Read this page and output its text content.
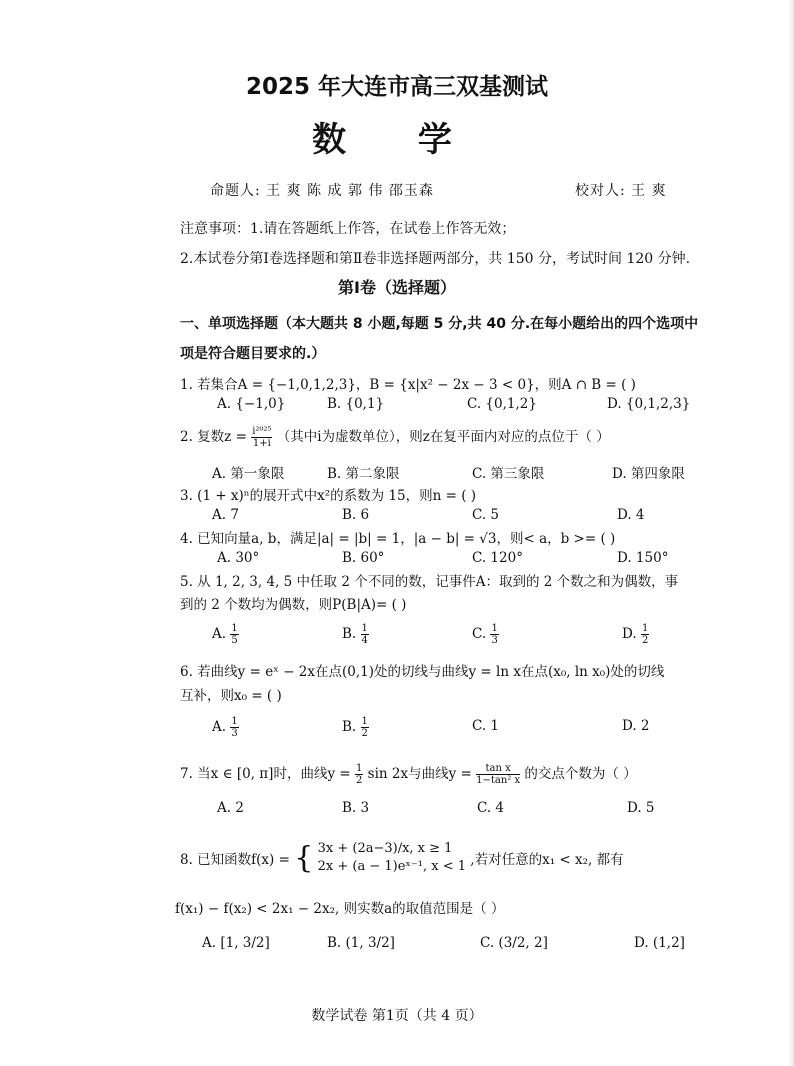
2025 年大连市高三双基测试
数 学
命题人: 王 爽 陈 成 郭 伟 邵玉森	校对人: 王 爽
注意事项：1.请在答题纸上作答，在试卷上作答无效；
2.本试卷分第Ⅰ卷选择题和第Ⅱ卷非选择题两部分，共 150 分，考试时间 120 分钟.
第Ⅰ卷（选择题）
一、单项选择题（本大题共 8 小题,每题 5 分,共 40 分.在每小题给出的四个选项中
项是符合题目要求的.）
1. 若集合A = {−1,0,1,2,3}，B = {x|x² − 2x − 3 < 0}，则A ∩ B = ( )
A. {−1,0}	B. {0,1}	C. {0,1,2}	D. {0,1,2,3}
2. 复数$z = \frac{\text{i²⁰²⁵}}{1+i}$ （其中i为虚数单位），则z在复平面内对应的点位于（ ）
A. 第一象限	B. 第二象限	C. 第三象限	D. 第四象限
3. (1 + x)ⁿ的展开式中x²的系数为 15，则n = ( )
A. 7	B. 6	C. 5	D. 4
4. 已知向量a, b，满足|a| = |b| = 1，|a − b| = √3，则< a，b >= ( )
A. 30°	B. 60°	C. 120°	D. 150°
5. 从 1, 2, 3, 4, 5 中任取 2 个不同的数，记事件A：取到的 2 个数之和为偶数，事
到的 2 个数均为偶数，则P(B|A)= ( )
A. $\frac{1}{5}$	B. $\frac{1}{4}$	C. $\frac{1}{3}$	D. $\frac{1}{2}$
6. 若曲线y = eˣ − 2x在点(0,1)处的切线与曲线y = ln x在点(x₀, ln x₀)处的切线
互补，则x₀ = ( )
A. $\frac{1}{3}$	B. $\frac{1}{2}$	C. 1	D. 2
7. 当x ∈ [0, π]时，曲线$y = \frac{1}{2}$ sin 2x与曲线$y = \frac{\text{tan x}}{\text{1−tan² x}}$ 的交点个数为（ ）
A. 2	B. 3	C. 4	D. 5
8. 已知函数f(x) = { 3x + (2a−3)/x, x ≥ 1
2x + (a − 1)eˣ⁻¹, x < 1 ,若对任意的x₁ < x₂, 都有
f(x₁) − f(x₂) < 2x₁ − 2x₂, 则实数a的取值范围是（ ）
A. [1, 3/2]	B. (1, 3/2]	C. (3/2, 2]	D. (1,2]
数学试卷 第1页（共 4 页）
